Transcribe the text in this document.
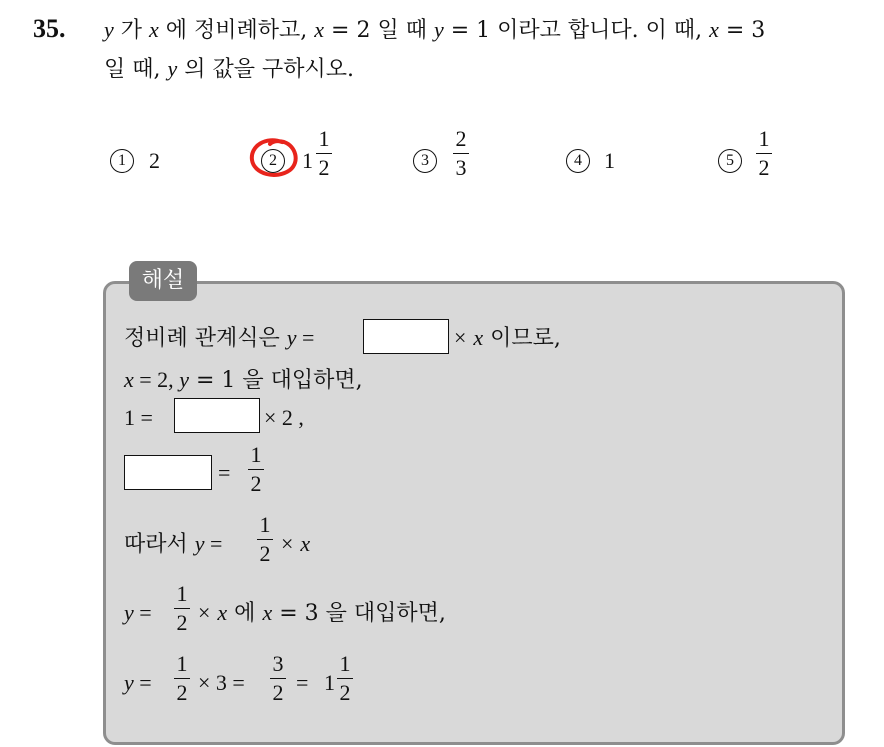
35. y 가 x 에 정비례하고, x = 2 일 때 y = 1 이라고 합니다. 이 때, x = 3
일 때, y 의 값을 구하시오.
1	2	2	1
1
2	3
2
3	4	1	5
1
2
해설
정비례 관계식은 y =	× x 이므로,
x = 2, y = 1 을 대입하면,
1 =	× 2 ,
=
1
2
따라서 y =
1
2 × x
y =
1
2 × x 에 x = 3 을 대입하면,
y =
1
2 × 3 =
3
2 = 1
1
2
